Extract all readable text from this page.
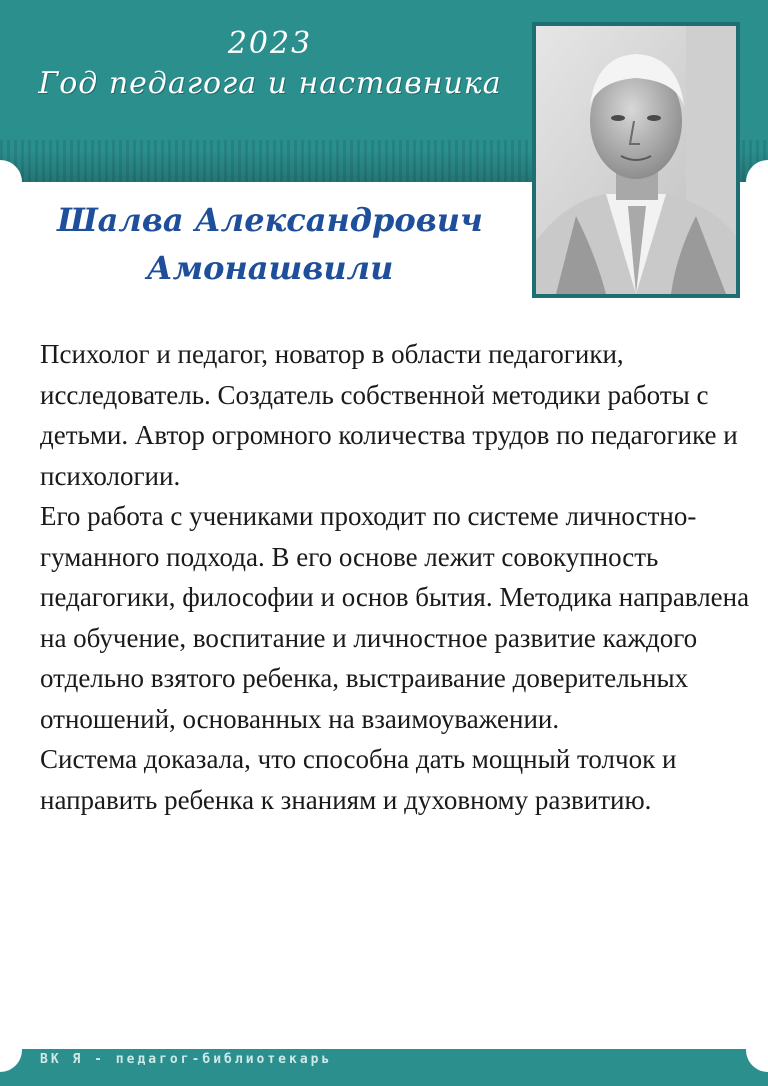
2023
Год педагога и наставника
Шалва Александрович
Амонашвили

Психолог и педагог, новатор в области педагогики, исследователь. Создатель собственной методики работы с детьми. Автор огромного количества трудов по педагогике и психологии.

Его работа с учениками проходит по системе личностно-гуманного подхода. В его основе лежит совокупность педагогики, философии и основ бытия. Методика направлена на обучение, воспитание и личностное развитие каждого отдельно взятого ребенка, выстраивание доверительных отношений, основанных на взаимоуважении.

Система доказала, что способна дать мощный толчок и направить ребенка к знаниям и духовному развитию.

ВК Я - педагог-библиотекарь
